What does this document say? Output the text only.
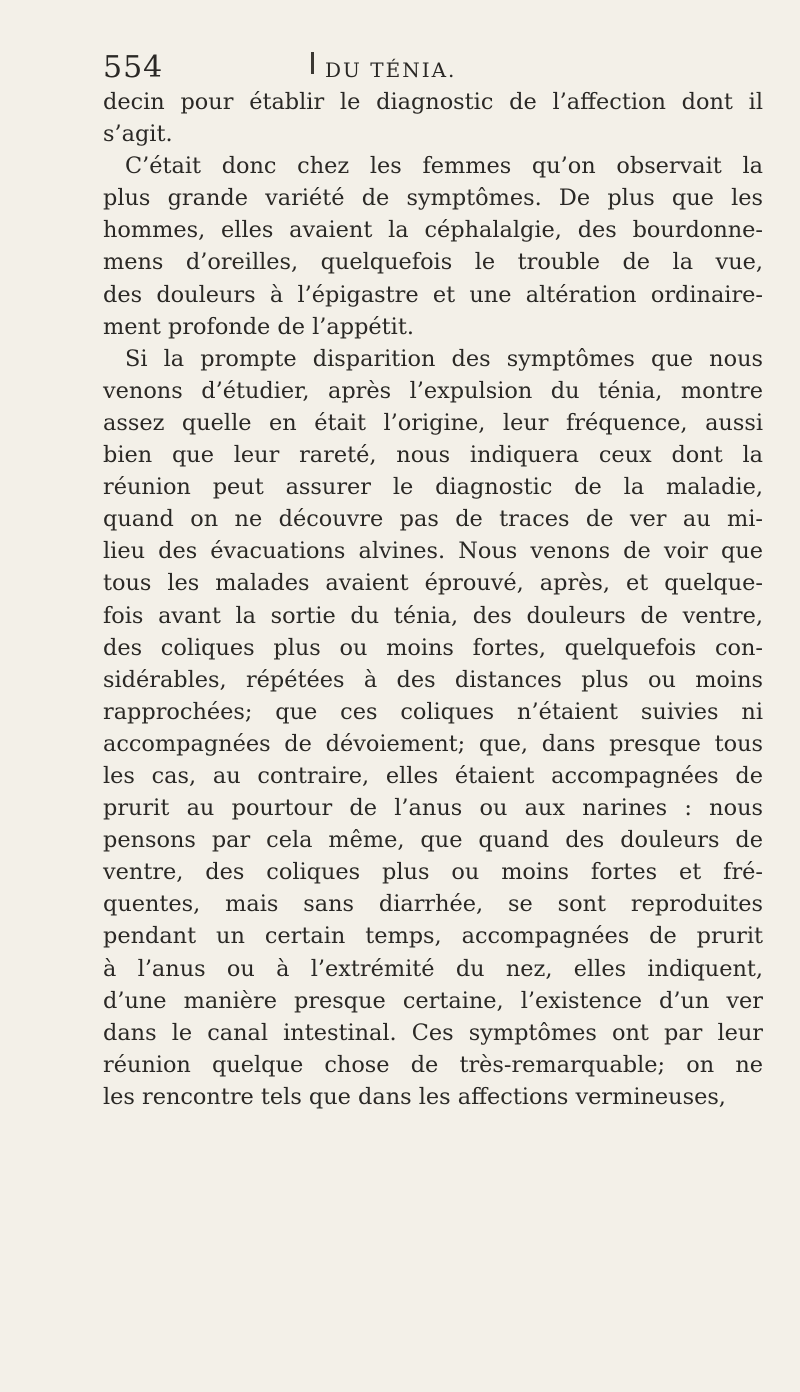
554	DU TÉNIA.
decin pour établir le diagnostic de l’affection dont il
s’agit.
C’était donc chez les femmes qu’on observait la
plus grande variété de symptômes. De plus que les
hommes, elles avaient la céphalalgie, des bourdonne-
mens d’oreilles, quelquefois le trouble de la vue,
des douleurs à l’épigastre et une altération ordinaire-
ment profonde de l’appétit.
Si la prompte disparition des symptômes que nous
venons d’étudier, après l’expulsion du ténia, montre
assez quelle en était l’origine, leur fréquence, aussi
bien que leur rareté, nous indiquera ceux dont la
réunion peut assurer le diagnostic de la maladie,
quand on ne découvre pas de traces de ver au mi-
lieu des évacuations alvines. Nous venons de voir que
tous les malades avaient éprouvé, après, et quelque-
fois avant la sortie du ténia, des douleurs de ventre,
des coliques plus ou moins fortes, quelquefois con-
sidérables, répétées à des distances plus ou moins
rapprochées; que ces coliques n’étaient suivies ni
accompagnées de dévoiement; que, dans presque tous
les cas, au contraire, elles étaient accompagnées de
prurit au pourtour de l’anus ou aux narines : nous
pensons par cela même, que quand des douleurs de
ventre, des coliques plus ou moins fortes et fré-
quentes, mais sans diarrhée, se sont reproduites
pendant un certain temps, accompagnées de prurit
à l’anus ou à l’extrémité du nez, elles indiquent,
d’une manière presque certaine, l’existence d’un ver
dans le canal intestinal. Ces symptômes ont par leur
réunion quelque chose de très-remarquable; on ne
les rencontre tels que dans les affections vermineuses,
